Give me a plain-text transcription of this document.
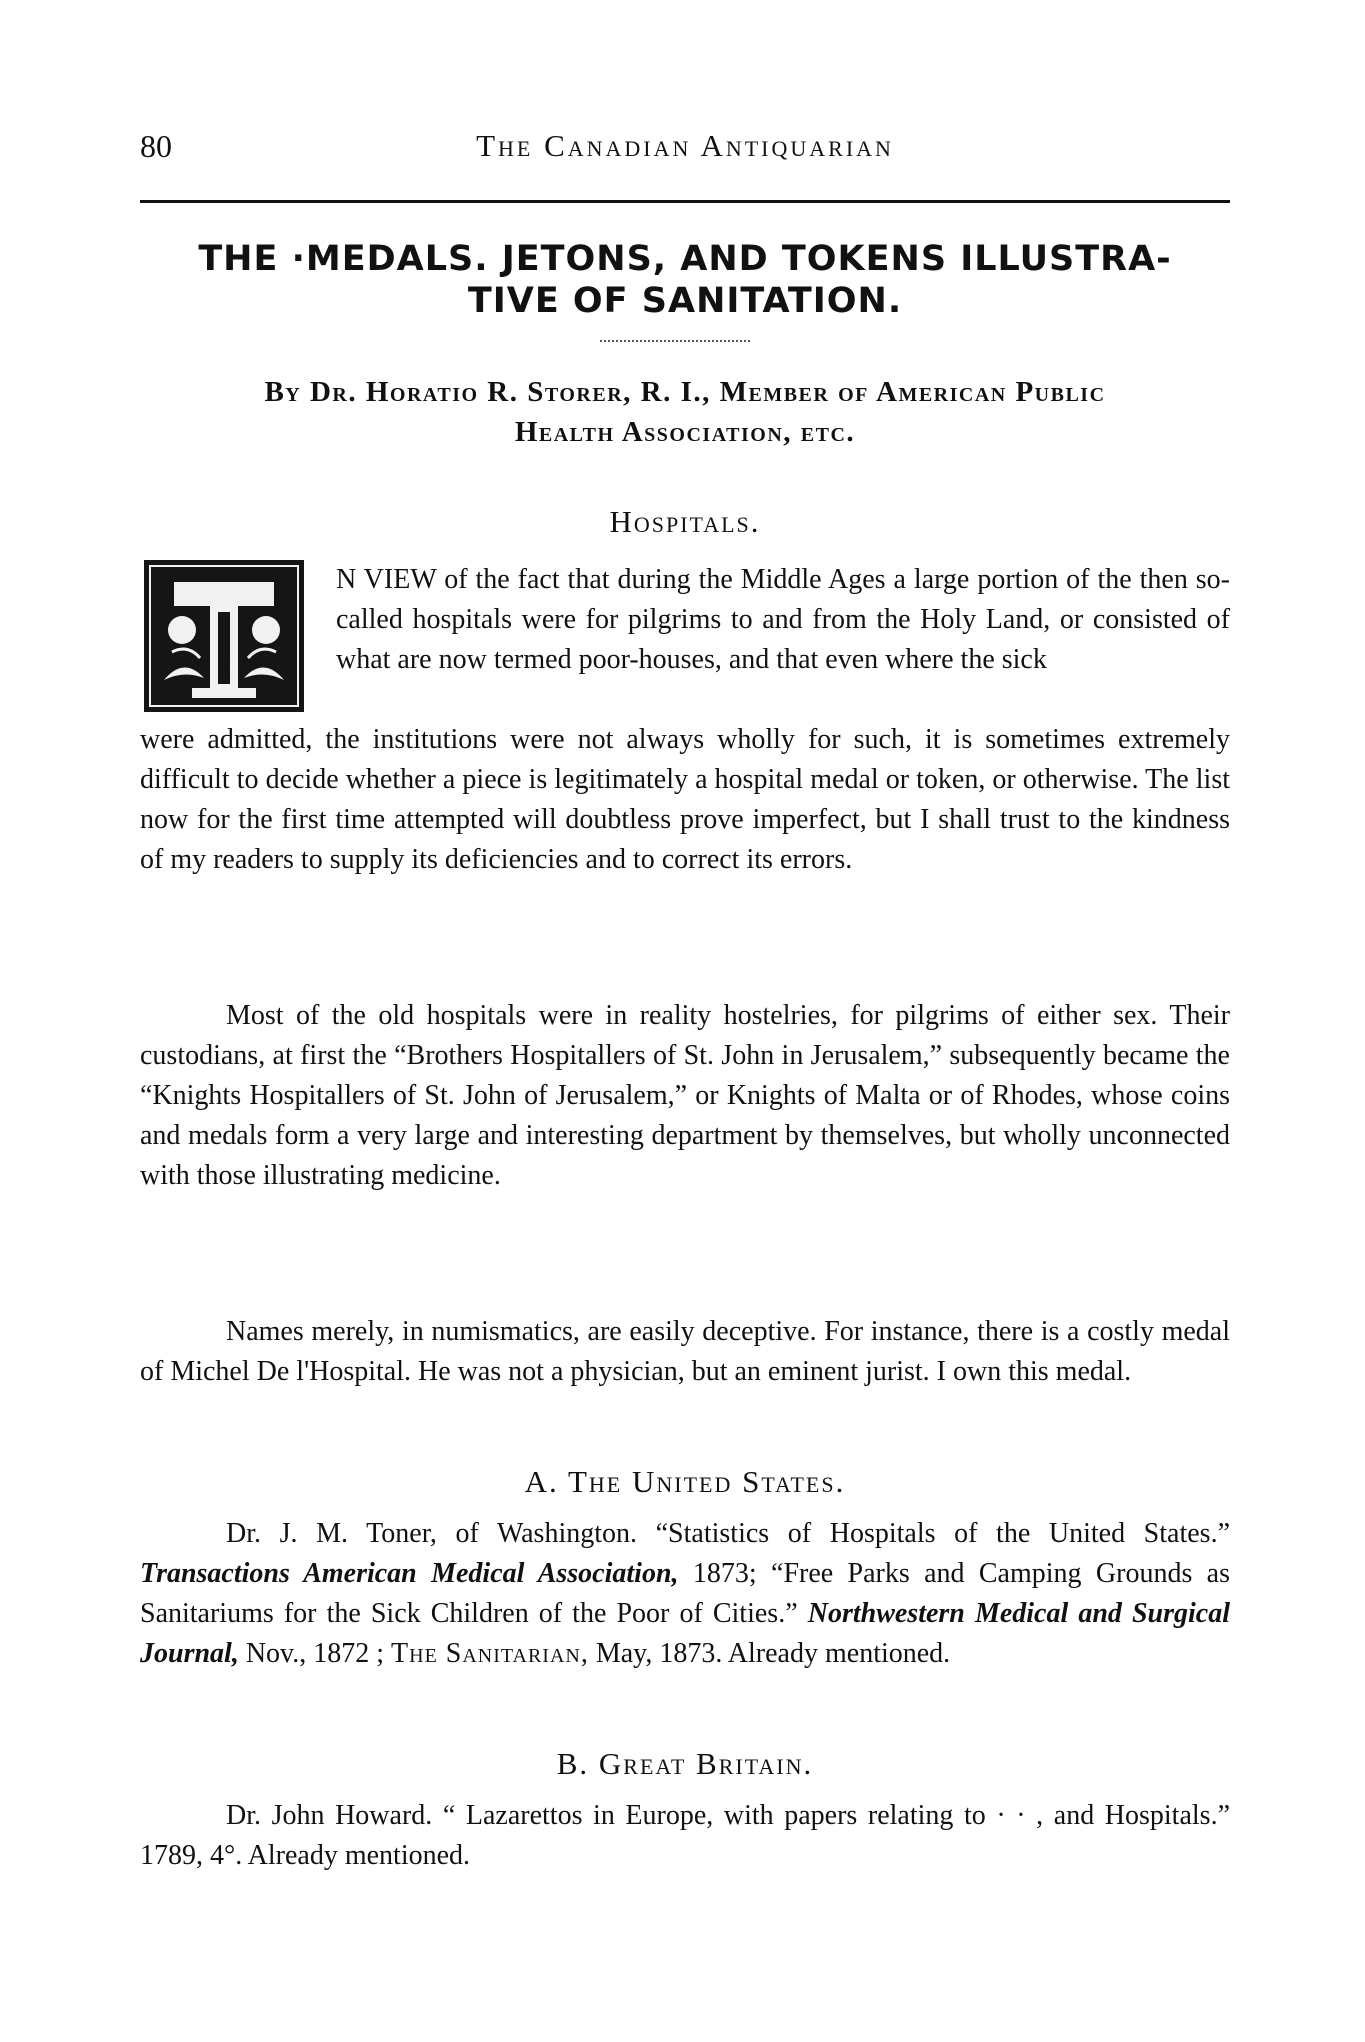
80	The Canadian Antiquarian
THE ·MEDALS. JETONS, AND TOKENS ILLUSTRA-
TIVE OF SANITATION.
By Dr. Horatio R. Storer, R. I., Member of American Public
Health Association, etc.
Hospitals.
I

N VIEW of the fact that during the Middle Ages a large portion of the then so-called hospitals were for pilgrims to and from the Holy Land, or consisted of what are now termed poor-houses, and that even where the sick

were admitted, the institutions were not always wholly for such, it is sometimes extremely difficult to decide whether a piece is legitimately a hospital medal or token, or otherwise. The list now for the first time attempted will doubtless prove imperfect, but I shall trust to the kindness of my readers to supply its deficiencies and to correct its errors.

Most of the old hospitals were in reality hostelries, for pilgrims of either sex. Their custodians, at first the “Brothers Hospitallers of St. John in Jerusalem,” subsequently became the “Knights Hospitallers of St. John of Jerusalem,” or Knights of Malta or of Rhodes, whose coins and medals form a very large and interesting department by themselves, but wholly unconnected with those illustrating medicine.

Names merely, in numismatics, are easily deceptive. For instance, there is a costly medal of Michel De l'Hospital. He was not a physician, but an eminent jurist. I own this medal.

A. The United States.

Dr. J. M. Toner, of Washington. “Statistics of Hospitals of the United States.” Transactions American Medical Association, 1873; “Free Parks and Camping Grounds as Sanitariums for the Sick Children of the Poor of Cities.” Northwestern Medical and Surgical Journal, Nov., 1872 ; The Sanitarian, May, 1873. Already mentioned.

B. Great Britain.

Dr. John Howard. “ Lazarettos in Europe, with papers relating to · · , and Hospitals.” 1789, 4°. Already mentioned.
